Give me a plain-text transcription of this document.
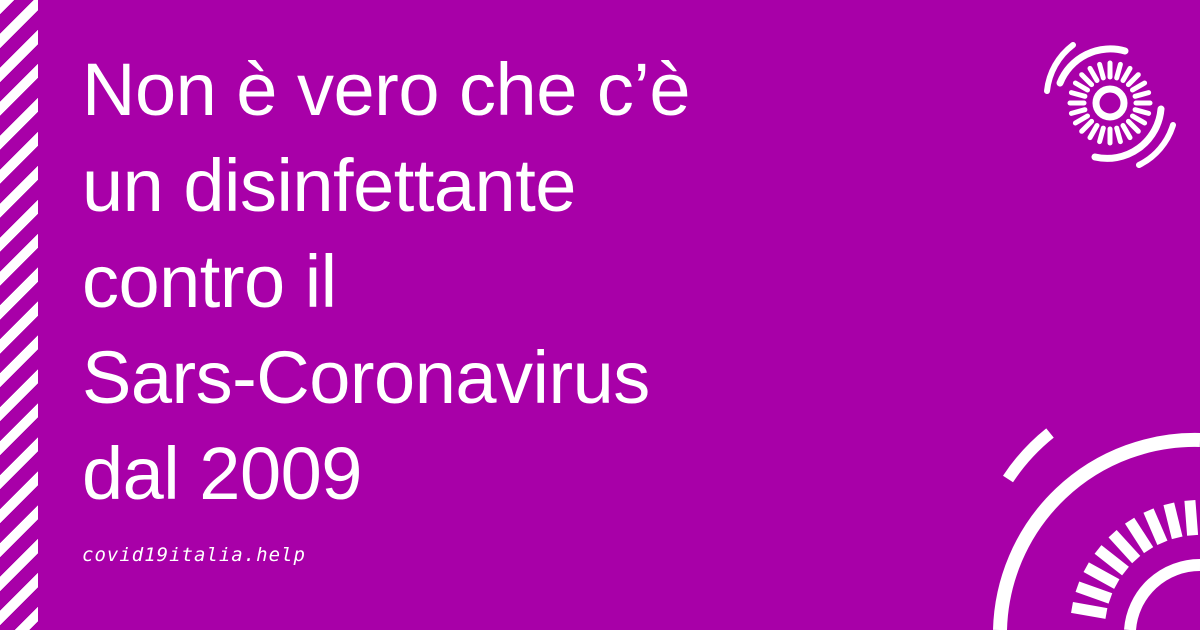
Non è vero che c’è
un disinfettante
contro il
Sars-Coronavirus
dal 2009
covid19italia.help
